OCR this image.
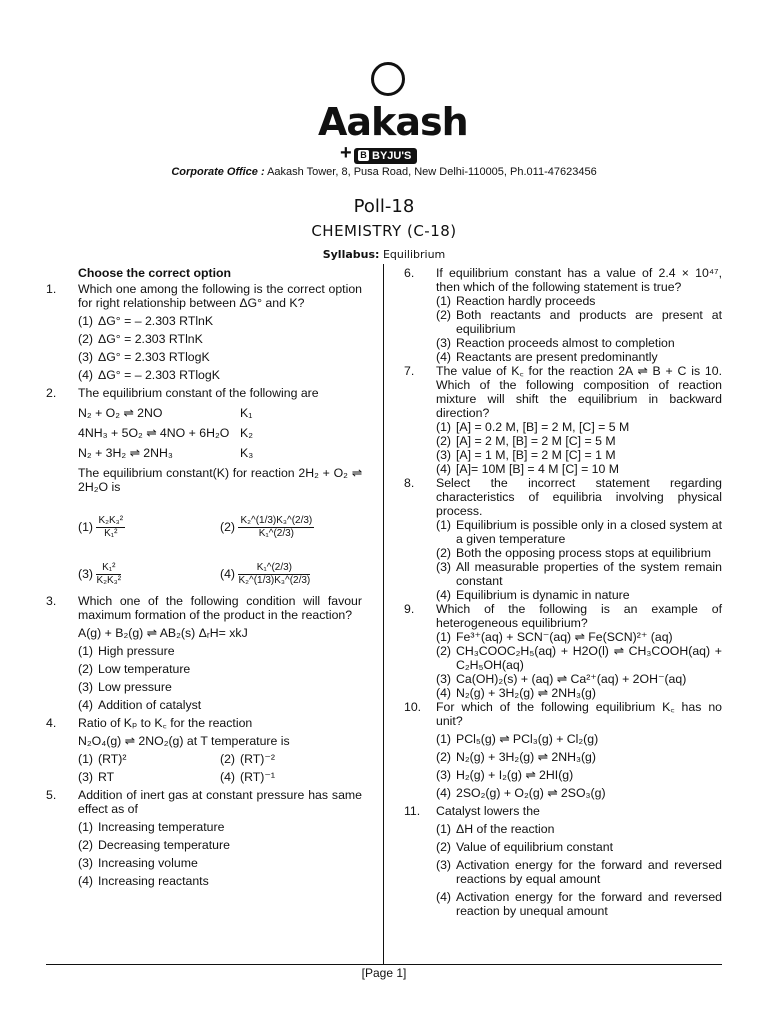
Aakash
+ B BYJU'S
Corporate Office : Aakash Tower, 8, Pusa Road, New Delhi-110005, Ph.011-47623456
Poll-18
CHEMISTRY (C-18)
Syllabus: Equilibrium
[Page 1]
Choose the correct option
1. Which one among the following is the correct option for right relationship between ΔG° and K?
(1) ΔG° = – 2.303 RTlnK
(2) ΔG° = 2.303 RTlnK
(3) ΔG° = 2.303 RTlogK
(4) ΔG° = – 2.303 RTlogK
2. The equilibrium constant of the following are
N₂ + O₂ ⇌ 2NO	K₁
4NH₃ + 5O₂ ⇌ 4NO + 6H₂O K₂
N₂ + 3H₂ ⇌ 2NH₃	K₃
The equilibrium constant(K) for reaction 2H₂ + O₂ ⇌ 2H₂O is
$(1) \frac{\text{K₂K₃²}}{\text{K₁²}}$	$(2) \frac{\text{K₂\textasciicircum{}(1/3)K₃\textasciicircum{}(2/3)}}{\text{K₁\textasciicircum{}(2/3)}}$
$(3) \frac{\text{K₁²}}{\text{K₂K₃²}}$	$(4) \frac{\text{K₁\textasciicircum{}(2/3)}}{\text{K₂\textasciicircum{}(1/3)K₃\textasciicircum{}(2/3)}}$
3. Which one of the following condition will favour maximum formation of the product in the reaction?
A(g) + B₂(g) ⇌ AB₂(s) ΔᵣH= xkJ
(1) High pressure
(2) Low temperature
(3) Low pressure
(4) Addition of catalyst
4. Ratio of Kₚ to K꜀ for the reaction
N₂O₄(g) ⇌ 2NO₂(g) at T temperature is
(1) (RT)²	(2) (RT)⁻²
(3) RT	(4) (RT)⁻¹
5. Addition of inert gas at constant pressure has same effect as of
(1) Increasing temperature
(2) Decreasing temperature
(3) Increasing volume
(4) Increasing reactants
6. If equilibrium constant has a value of 2.4 × 10⁴⁷, then which of the following statement is true?
(1) Reaction hardly proceeds
(2) Both reactants and products are present at equilibrium
(3) Reaction proceeds almost to completion
(4) Reactants are present predominantly
7. The value of K꜀ for the reaction 2A ⇌ B + C is 10. Which of the following composition of reaction mixture will shift the equilibrium in backward direction?
(1) [A] = 0.2 M, [B] = 2 M, [C] = 5 M
(2) [A] = 2 M, [B] = 2 M [C] = 5 M
(3) [A] = 1 M, [B] = 2 M [C] = 1 M
(4) [A]= 10M [B] = 4 M [C] = 10 M
8. Select the incorrect statement regarding characteristics of equilibria involving physical process.
(1) Equilibrium is possible only in a closed system at a given temperature
(2) Both the opposing process stops at equilibrium
(3) All measurable properties of the system remain constant
(4) Equilibrium is dynamic in nature
9. Which of the following is an example of heterogeneous equilibrium?
(1) Fe³⁺(aq) + SCN⁻(aq) ⇌ Fe(SCN)²⁺ (aq)
(2) CH₃COOC₂H₅(aq) + H2O(l) ⇌ CH₃COOH(aq) + C₂H₅OH(aq)
(3) Ca(OH)₂(s) + (aq) ⇌ Ca²⁺(aq) + 2OH⁻(aq)
(4) N₂(g) + 3H₂(g) ⇌ 2NH₃(g)
10. For which of the following equilibrium K꜀ has no unit?
(1) PCl₅(g) ⇌ PCl₃(g) + Cl₂(g)
(2) N₂(g) + 3H₂(g) ⇌ 2NH₃(g)
(3) H₂(g) + I₂(g) ⇌ 2HI(g)
(4) 2SO₂(g) + O₂(g) ⇌ 2SO₃(g)
11. Catalyst lowers the
(1) ΔH of the reaction
(2) Value of equilibrium constant
(3) Activation energy for the forward and reversed reactions by equal amount
(4) Activation energy for the forward and reversed reaction by unequal amount
